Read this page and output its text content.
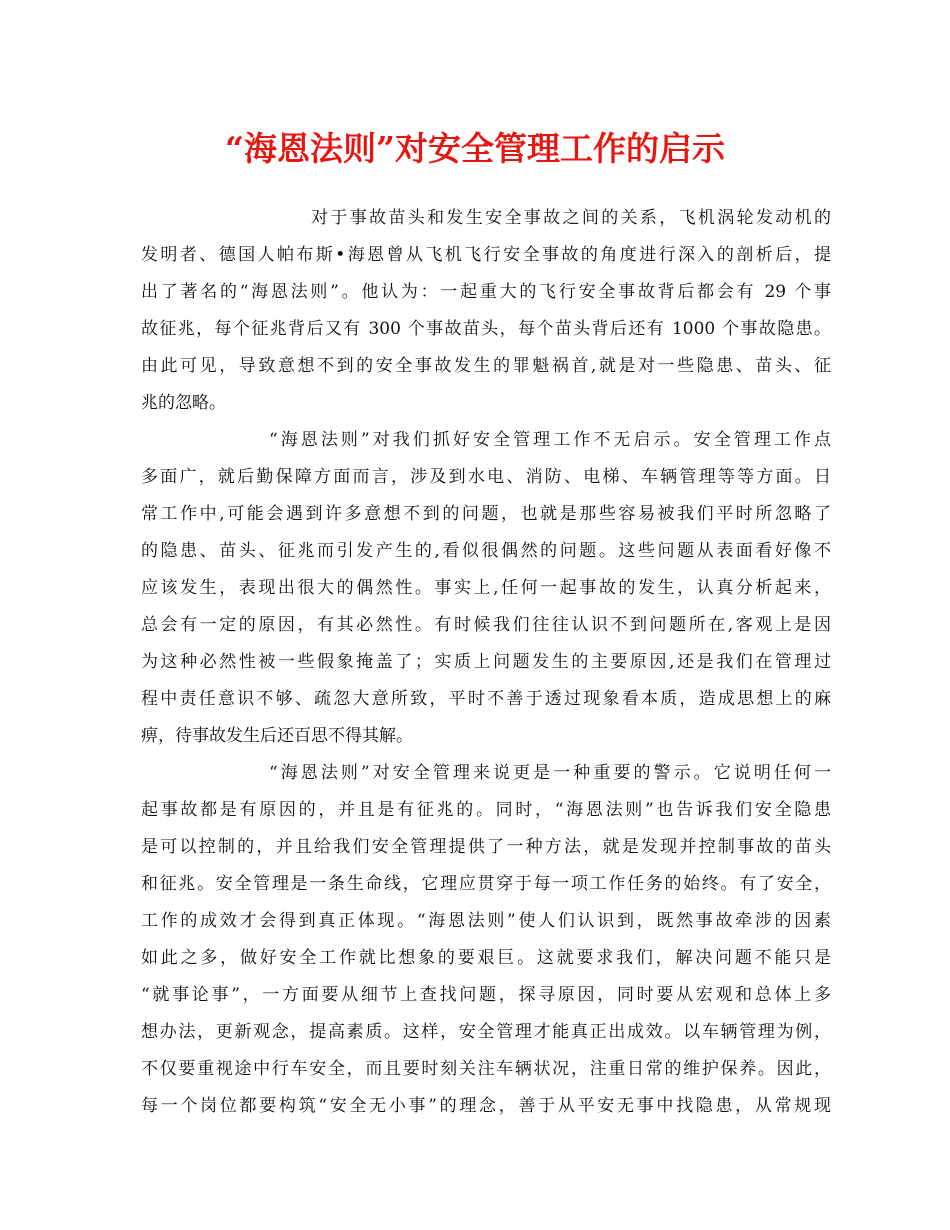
“海恩法则”对安全管理工作的启示
对于事故苗头和发生安全事故之间的关系，飞机涡轮发动机的
发明者、德国人帕布斯•海恩曾从飞机飞行安全事故的角度进行深入的剖析后，提
出了著名的“海恩法则”。他认为：一起重大的飞行安全事故背后都会有 29 个事
故征兆，每个征兆背后又有 300 个事故苗头，每个苗头背后还有 1000 个事故隐患。
由此可见，导致意想不到的安全事故发生的罪魁祸首,就是对一些隐患、苗头、征
兆的忽略。
“海恩法则”对我们抓好安全管理工作不无启示。安全管理工作点
多面广，就后勤保障方面而言，涉及到水电、消防、电梯、车辆管理等等方面。日
常工作中,可能会遇到许多意想不到的问题，也就是那些容易被我们平时所忽略了
的隐患、苗头、征兆而引发产生的,看似很偶然的问题。这些问题从表面看好像不
应该发生，表现出很大的偶然性。事实上,任何一起事故的发生，认真分析起来，
总会有一定的原因，有其必然性。有时候我们往往认识不到问题所在,客观上是因
为这种必然性被一些假象掩盖了；实质上问题发生的主要原因,还是我们在管理过
程中责任意识不够、疏忽大意所致，平时不善于透过现象看本质，造成思想上的麻
痹，待事故发生后还百思不得其解。
“海恩法则”对安全管理来说更是一种重要的警示。它说明任何一
起事故都是有原因的，并且是有征兆的。同时，“海恩法则”也告诉我们安全隐患
是可以控制的，并且给我们安全管理提供了一种方法，就是发现并控制事故的苗头
和征兆。安全管理是一条生命线，它理应贯穿于每一项工作任务的始终。有了安全，
工作的成效才会得到真正体现。“海恩法则”使人们认识到，既然事故牵涉的因素
如此之多，做好安全工作就比想象的要艰巨。这就要求我们，解决问题不能只是
“就事论事”，一方面要从细节上查找问题，探寻原因，同时要从宏观和总体上多
想办法，更新观念，提高素质。这样，安全管理才能真正出成效。以车辆管理为例，
不仅要重视途中行车安全，而且要时刻关注车辆状况，注重日常的维护保养。因此，
每一个岗位都要构筑“安全无小事”的理念，善于从平安无事中找隐患，从常规现
